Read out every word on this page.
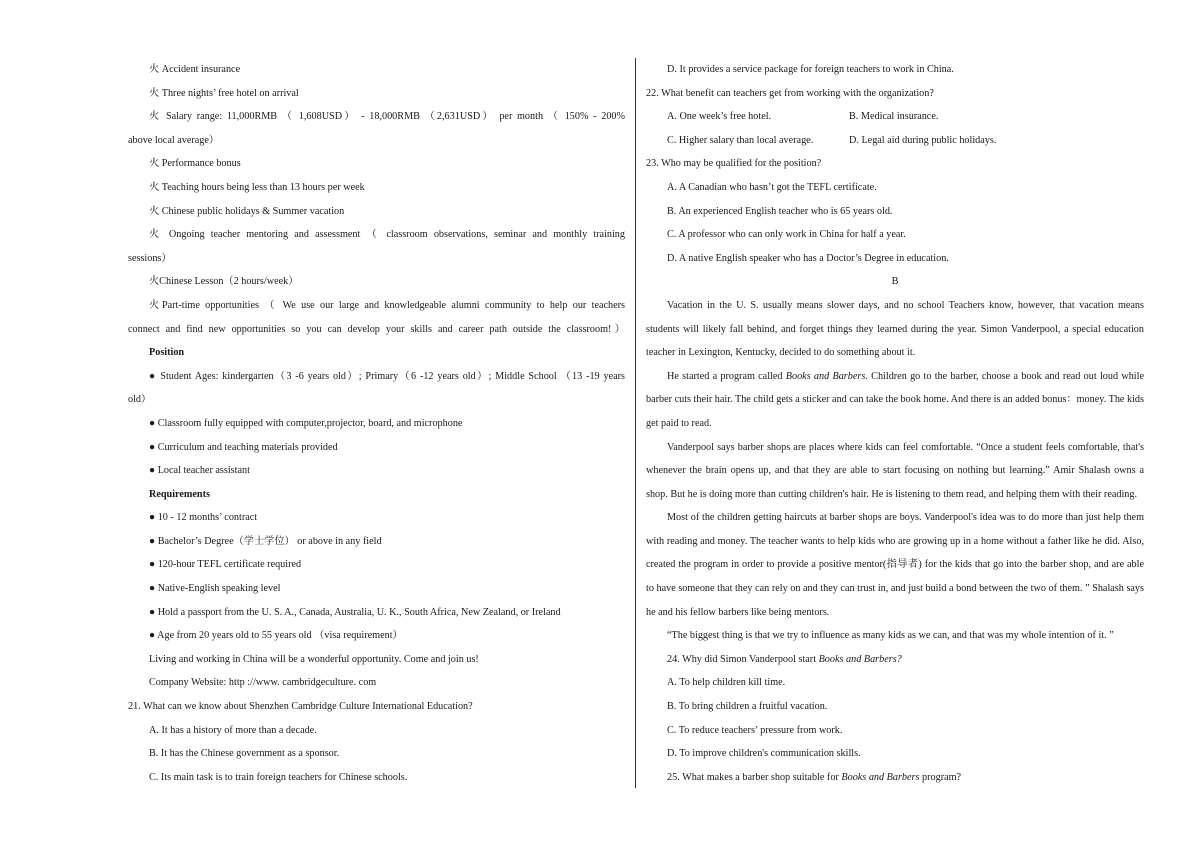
火 Accident insurance
火 Three nights’ free hotel on arrival
火 Salary range: 11,000RMB （ 1,608USD） - 18,000RMB （2,631USD） per month （ 150% - 200%
above local average）
火 Performance bonus
火 Teaching hours being less than 13 hours per week
火 Chinese public holidays & Summer vacation
火 Ongoing teacher mentoring and assessment （ classroom observations, seminar and monthly training
sessions）
火Chinese Lesson（2 hours/week）
火Part-time opportunities （ We use our large and knowledgeable alumni community to help our teachers
connect and find new opportunities so you can develop your skills and career path outside the classroom!）
Position
● Student Ages: kindergarten（3 -6 years old）; Primary（6 -12 years old）; Middle School （13 -19 years
old）
● Classroom fully equipped with computer,projector, board, and microphone
● Curriculum and teaching materials provided
● Local teacher assistant
Requirements
● 10 - 12 months’ contract
● Bachelor’s Degree（学士学位） or above in any field
● 120-hour TEFL certificate required
● Native-English speaking level
● Hold a passport from the U. S. A., Canada, Australia, U. K., South Africa, New Zealand, or Ireland
● Age from 20 years old to 55 years old （visa requirement）
Living and working in China will be a wonderful opportunity. Come and join us!
Company Website: http ://www. cambridgeculture. com
21. What can we know about Shenzhen Cambridge Culture International Education?
A. It has a history of more than a decade.
B. It has the Chinese government as a sponsor.
C. Its main task is to train foreign teachers for Chinese schools.
D. It provides a service package for foreign teachers to work in China.
22. What benefit can teachers get from working with the organization?
A. One week’s free hotel.	B. Medical insurance.
C. Higher salary than local average.	D. Legal aid during public holidays.
23. Who may be qualified for the position?
A. A Canadian who hasn’t got the TEFL certificate.
B. An experienced English teacher who is 65 years old.
C. A professor who can only work in China for half a year.
D. A native English speaker who has a Doctor’s Degree in education.
B
Vacation in the U. S. usually means slower days, and no school Teachers know, however, that vacation means
students will likely fall behind, and forget things they learned during the year. Simon Vanderpool, a special education
teacher in Lexington, Kentucky, decided to do something about it.
He started a program called Books and Barbers. Children go to the barber, choose a book and read out loud while
barber cuts their hair. The child gets a sticker and can take the book home. And there is an added bonus：money. The kids
get paid to read.
Vanderpool says barber shops are places where kids can feel comfortable. “Once a student feels comfortable, that's
whenever the brain opens up, and that they are able to start focusing on nothing but learning.” Amir Shalash owns a
shop. But he is doing more than cutting children's hair. He is listening to them read, and helping them with their reading.
Most of the children getting haircuts at barber shops are boys. Vanderpool's idea was to do more than just help them
with reading and money. The teacher wants to help kids who are growing up in a home without a father like he did. Also,
created the program in order to provide a positive mentor(指导者) for the kids that go into the barber shop, and are able
to have someone that they can rely on and they can trust in, and just build a bond between the two of them. ” Shalash says
he and his fellow barbers like being mentors.
“The biggest thing is that we try to influence as many kids as we can, and that was my whole intention of it. ”
24. Why did Simon Vanderpool start Books and Barbers?
A. To help children kill time.
B. To bring children a fruitful vacation.
C. To reduce teachers’ pressure from work.
D. To improve children's communication skills.
25. What makes a barber shop suitable for Books and Barbers program?
